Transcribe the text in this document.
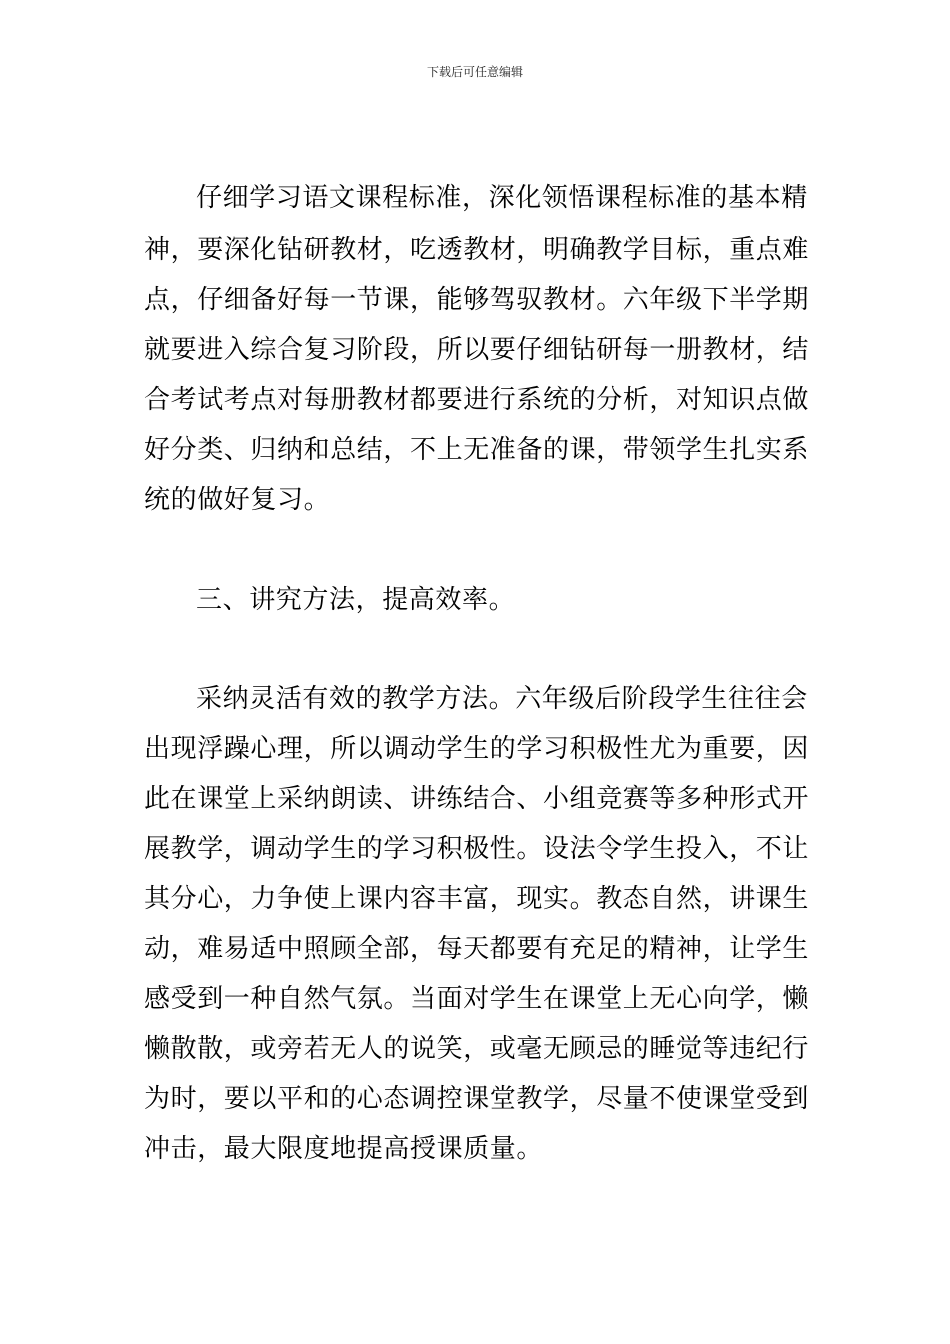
下载后可任意编辑
仔细学习语文课程标准，深化领悟课程标准的基本精
神，要深化钻研教材，吃透教材，明确教学目标，重点难
点，仔细备好每一节课，能够驾驭教材。六年级下半学期
就要进入综合复习阶段，所以要仔细钻研每一册教材，结
合考试考点对每册教材都要进行系统的分析，对知识点做
好分类、归纳和总结，不上无准备的课，带领学生扎实系
统的做好复习。
三、讲究方法，提高效率。
采纳灵活有效的教学方法。六年级后阶段学生往往会
出现浮躁心理，所以调动学生的学习积极性尤为重要，因
此在课堂上采纳朗读、讲练结合、小组竞赛等多种形式开
展教学，调动学生的学习积极性。设法令学生投入，不让
其分心，力争使上课内容丰富，现实。教态自然，讲课生
动，难易适中照顾全部，每天都要有充足的精神，让学生
感受到一种自然气氛。当面对学生在课堂上无心向学，懒
懒散散，或旁若无人的说笑，或毫无顾忌的睡觉等违纪行
为时，要以平和的心态调控课堂教学，尽量不使课堂受到
冲击，最大限度地提高授课质量。
